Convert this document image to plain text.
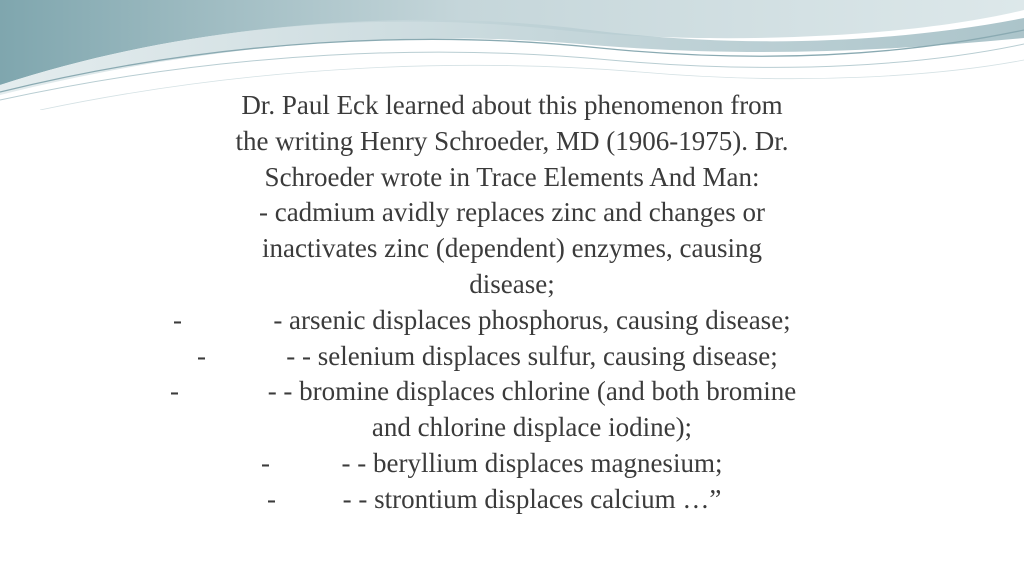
Dr. Paul Eck learned about this phenomenon from
the writing Henry Schroeder, MD (1906-1975). Dr.
Schroeder wrote in Trace Elements And Man:
- cadmium avidly replaces zinc and changes or
inactivates zinc (dependent) enzymes, causing
disease;
-	- arsenic displaces phosphorus, causing disease;
-	- - selenium displaces sulfur, causing disease;
-	- - bromine displaces chlorine (and both bromine
and chlorine displace iodine);
-	- - beryllium displaces magnesium;
- - - strontium displaces calcium …”
